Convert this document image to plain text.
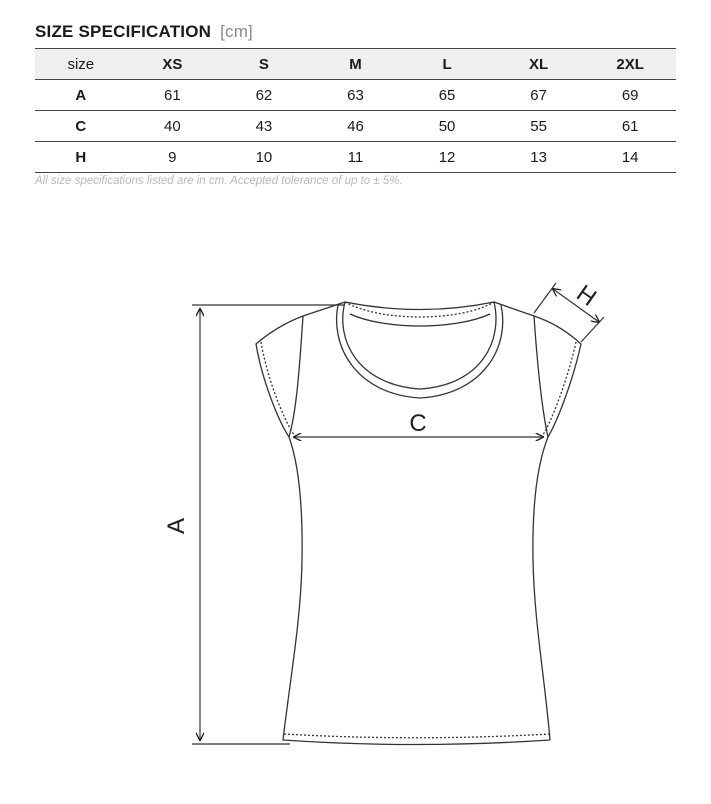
SIZE SPECIFICATION [cm]
size	XS	S	M	L	XL	2XL
A	61	62	63	65	67	69
C	40	43	46	50	55	61
H	9	10	11	12	13	14
All size specifications listed are in cm. Accepted tolerance of up to ± 5%.
A
C
H
